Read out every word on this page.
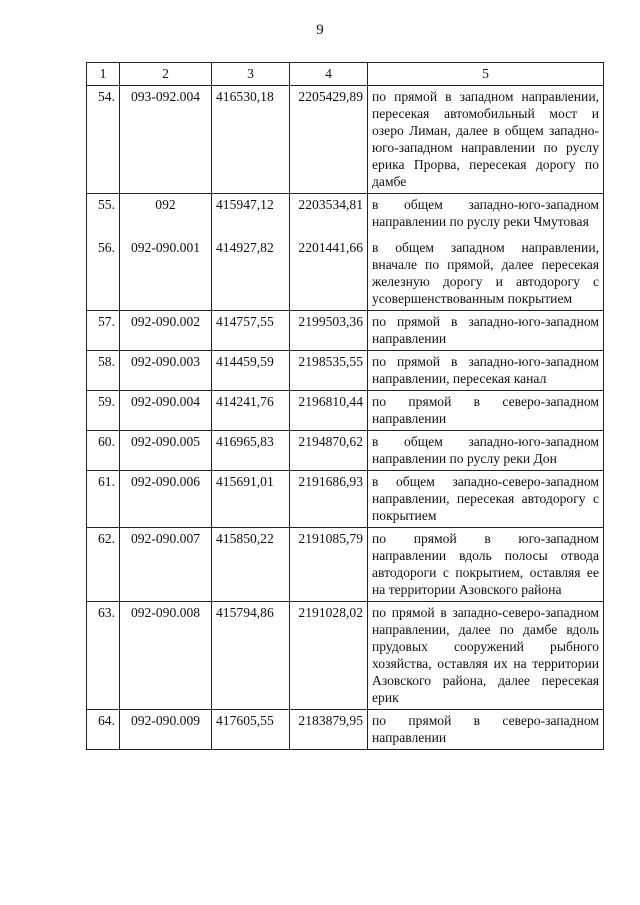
9
1	2	3	4	5
54.	093-092.004	416530,18	2205429,89	по прямой в западном направлении, пересекая автомобильный мост и озеро Лиман, далее в общем западно-юго-западном направлении по руслу ерика Прорва, пересекая дорогу по дамбе
55.	092	415947,12	2203534,81	в общем западно-юго-западном направлении по руслу реки Чмутовая
56.	092-090.001	414927,82	2201441,66	в общем западном направлении, вначале по прямой, далее пересекая железную дорогу и автодорогу с усовершенствованным покрытием
57.	092-090.002	414757,55	2199503,36	по прямой в западно-юго-западном направлении
58.	092-090.003	414459,59	2198535,55	по прямой в западно-юго-западном направлении, пересекая канал
59.	092-090.004	414241,76	2196810,44	по прямой в северо-западном направлении
60.	092-090.005	416965,83	2194870,62	в общем западно-юго-западном направлении по руслу реки Дон
61.	092-090.006	415691,01	2191686,93	в общем западно-северо-западном направлении, пересекая автодорогу с покрытием
62.	092-090.007	415850,22	2191085,79	по прямой в юго-западном направлении вдоль полосы отвода автодороги с покрытием, оставляя ее на территории Азовского района
63.	092-090.008	415794,86	2191028,02	по прямой в западно-северо-западном направлении, далее по дамбе вдоль прудовых сооружений рыбного хозяйства, оставляя их на территории Азовского района, далее пересекая ерик
64.	092-090.009	417605,55	2183879,95	по прямой в северо-западном направлении
